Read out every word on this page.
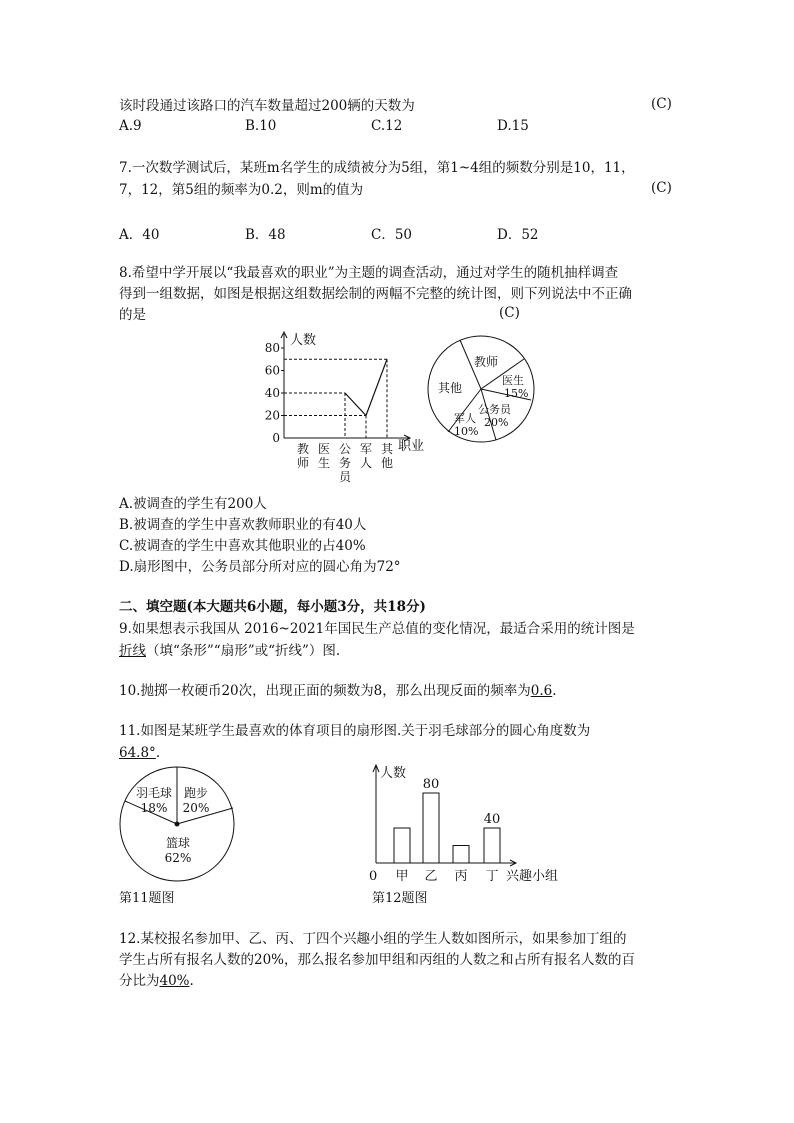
该时段通过该路口的汽车数量超过200辆的天数为	(C)
A.9	B.10	C.12	D.15
7.一次数学测试后，某班m名学生的成绩被分为5组，第1~4组的频数分别是10，11，
7，12，第5组的频率为0.2，则m的值为	(C)
A．40	B．48	C．50	D．52
8.希望中学开展以“我最喜欢的职业”为主题的调查活动，通过对学生的随机抽样调查
得到一组数据，如图是根据这组数据绘制的两幅不完整的统计图，则下列说法中不正确
的是	(C)
人数
职业
0
20
40
60
80
教师
医生
公务员
军人
其他
教师
医生
15%
公务员
20%
军人
10%
其他
A.被调查的学生有200人
B.被调查的学生中喜欢教师职业的有40人
C.被调查的学生中喜欢其他职业的占40%
D.扇形图中，公务员部分所对应的圆心角为72°
二、填空题(本大题共6小题，每小题3分，共18分)
9.如果想表示我国从 2016~2021年国民生产总值的变化情况，最适合采用的统计图是
折线（填“条形”“扇形”或“折线”）图.
10.抛掷一枚硬币20次，出现正面的频数为8，那么出现反面的频率为0.6.
11.如图是某班学生最喜欢的体育项目的扇形图.关于羽毛球部分的圆心角度数为
64.8°.
羽毛球
18%
跑步
20%
篮球
62%
第11题图
人数
0	兴趣小组
甲 乙
80
丙 丁
40
第12题图
12.某校报名参加甲、乙、丙、丁四个兴趣小组的学生人数如图所示，如果参加丁组的
学生占所有报名人数的20%，那么报名参加甲组和丙组的人数之和占所有报名人数的百
分比为40%.
